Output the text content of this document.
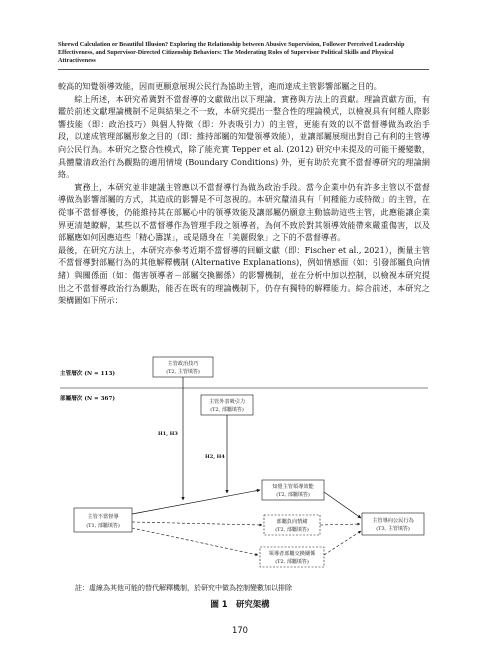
Shrewd Calculation or Beautiful Illusion? Exploring the Relationship between Abusive Supervision, Follower Perceived Leadership Effectiveness, and Supervisor-Directed Citizenship Behaviors: The Moderating Roles of Supervisor Political Skills and Physical Attractiveness

較高的知覺領導效能，因而更願意展現公民行為協助主管，進而達成主管影響部屬之目的。

綜上所述，本研究希冀對不當督導的文獻做出以下理論、實務與方法上的貢獻。理論貢獻方面，有鑑於前述文獻理論機制不足與結果之不一致，本研究提出一整合性的理論模式，以檢視具有何種人際影響技能（即：政治技巧）與個人特徵（即：外表吸引力）的主管，更能有效的以不當督導做為政治手段，以達成管理部屬形象之目的（即：維持部屬的知覺領導效能），並讓部屬展現出對自己有利的主管導向公民行為。本研究之整合性模式，除了能充實 Tepper et al. (2012) 研究中未提及的可能干擾變數，具體釐清政治行為觀點的適用情境 (Boundary Conditions) 外，更有助於充實不當督導研究的理論網絡。

實務上，本研究並非建議主管應以不當督導行為做為政治手段。當今企業中仍有許多主管以不當督導做為影響部屬的方式，其造成的影響是不可忽視的。本研究釐清具有「何種能力或特徵」的主管，在從事不當督導後，仍能維持其在部屬心中的領導效能及讓部屬仍願意主動協助這些主管，此應能讓企業界更清楚瞭解，某些以不當督導作為管理手段之領導者，為何不致於對其領導效能帶來嚴重傷害，以及部屬應如何因應這些「精心籌謀」，或是隱身在「美麗假象」之下的不當督導者。

最後，在研究方法上，本研究亦參考近期不當督導的回顧文獻（即：Fischer et al., 2021），衡量主管不當督導對部屬行為的其他解釋機制 (Alternative Explanations)，例如情感面（如：引發部屬負向情緒）與關係面（如：傷害領導者－部屬交換關係）的影響機制，並在分析中加以控制，以檢視本研究提出之不當督導政治行為觀點，能否在既有的理論機制下，仍存有獨特的解釋能力。綜合前述，本研究之架構圖如下所示：

主管層次 (N = 113)
部屬層次 (N = 367)
主管政治技巧
(T2, 主管填答)
主管外表吸引力
(T2, 部屬填答)
主管不當督導
(T1, 部屬填答)
知覺主管領導效能
(T2, 部屬填答)
部屬負向情緒
(T2, 部屬填答)
領導者部屬交換關係
(T2, 部屬填答)
主管導向公民行為
(T3, 主管填答)
H1, H3
H2, H4
註：虛線為其他可能的替代解釋機制，於研究中做為控制變數加以排除
圖 1　研究架構
170
